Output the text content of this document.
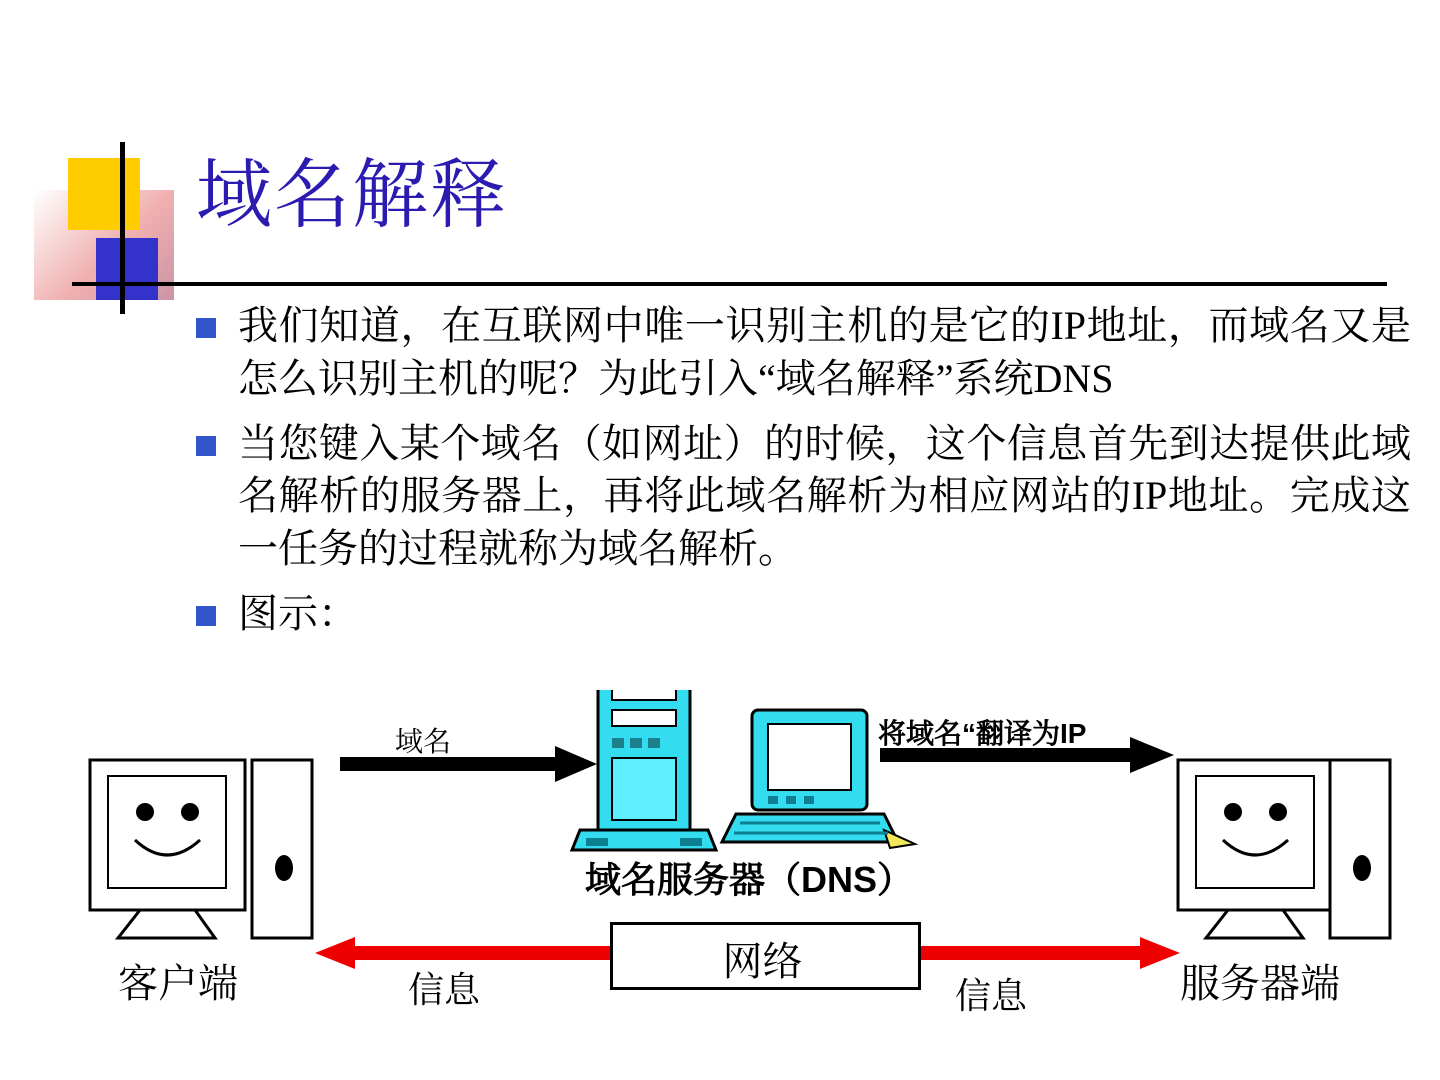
域名解释
我们知道，在互联网中唯一识别主机的是它的IP地址，而域名又是怎么识别主机的呢？为此引入“域名解释”系统DNS
当您键入某个域名（如网址）的时候，这个信息首先到达提供此域名解析的服务器上，再将此域名解析为相应网站的IP地址。完成这一任务的过程就称为域名解析。
图示：
网络
域名	将域名“翻译为IP
域名服务器（DNS）
信息	信息
客户端	服务器端
